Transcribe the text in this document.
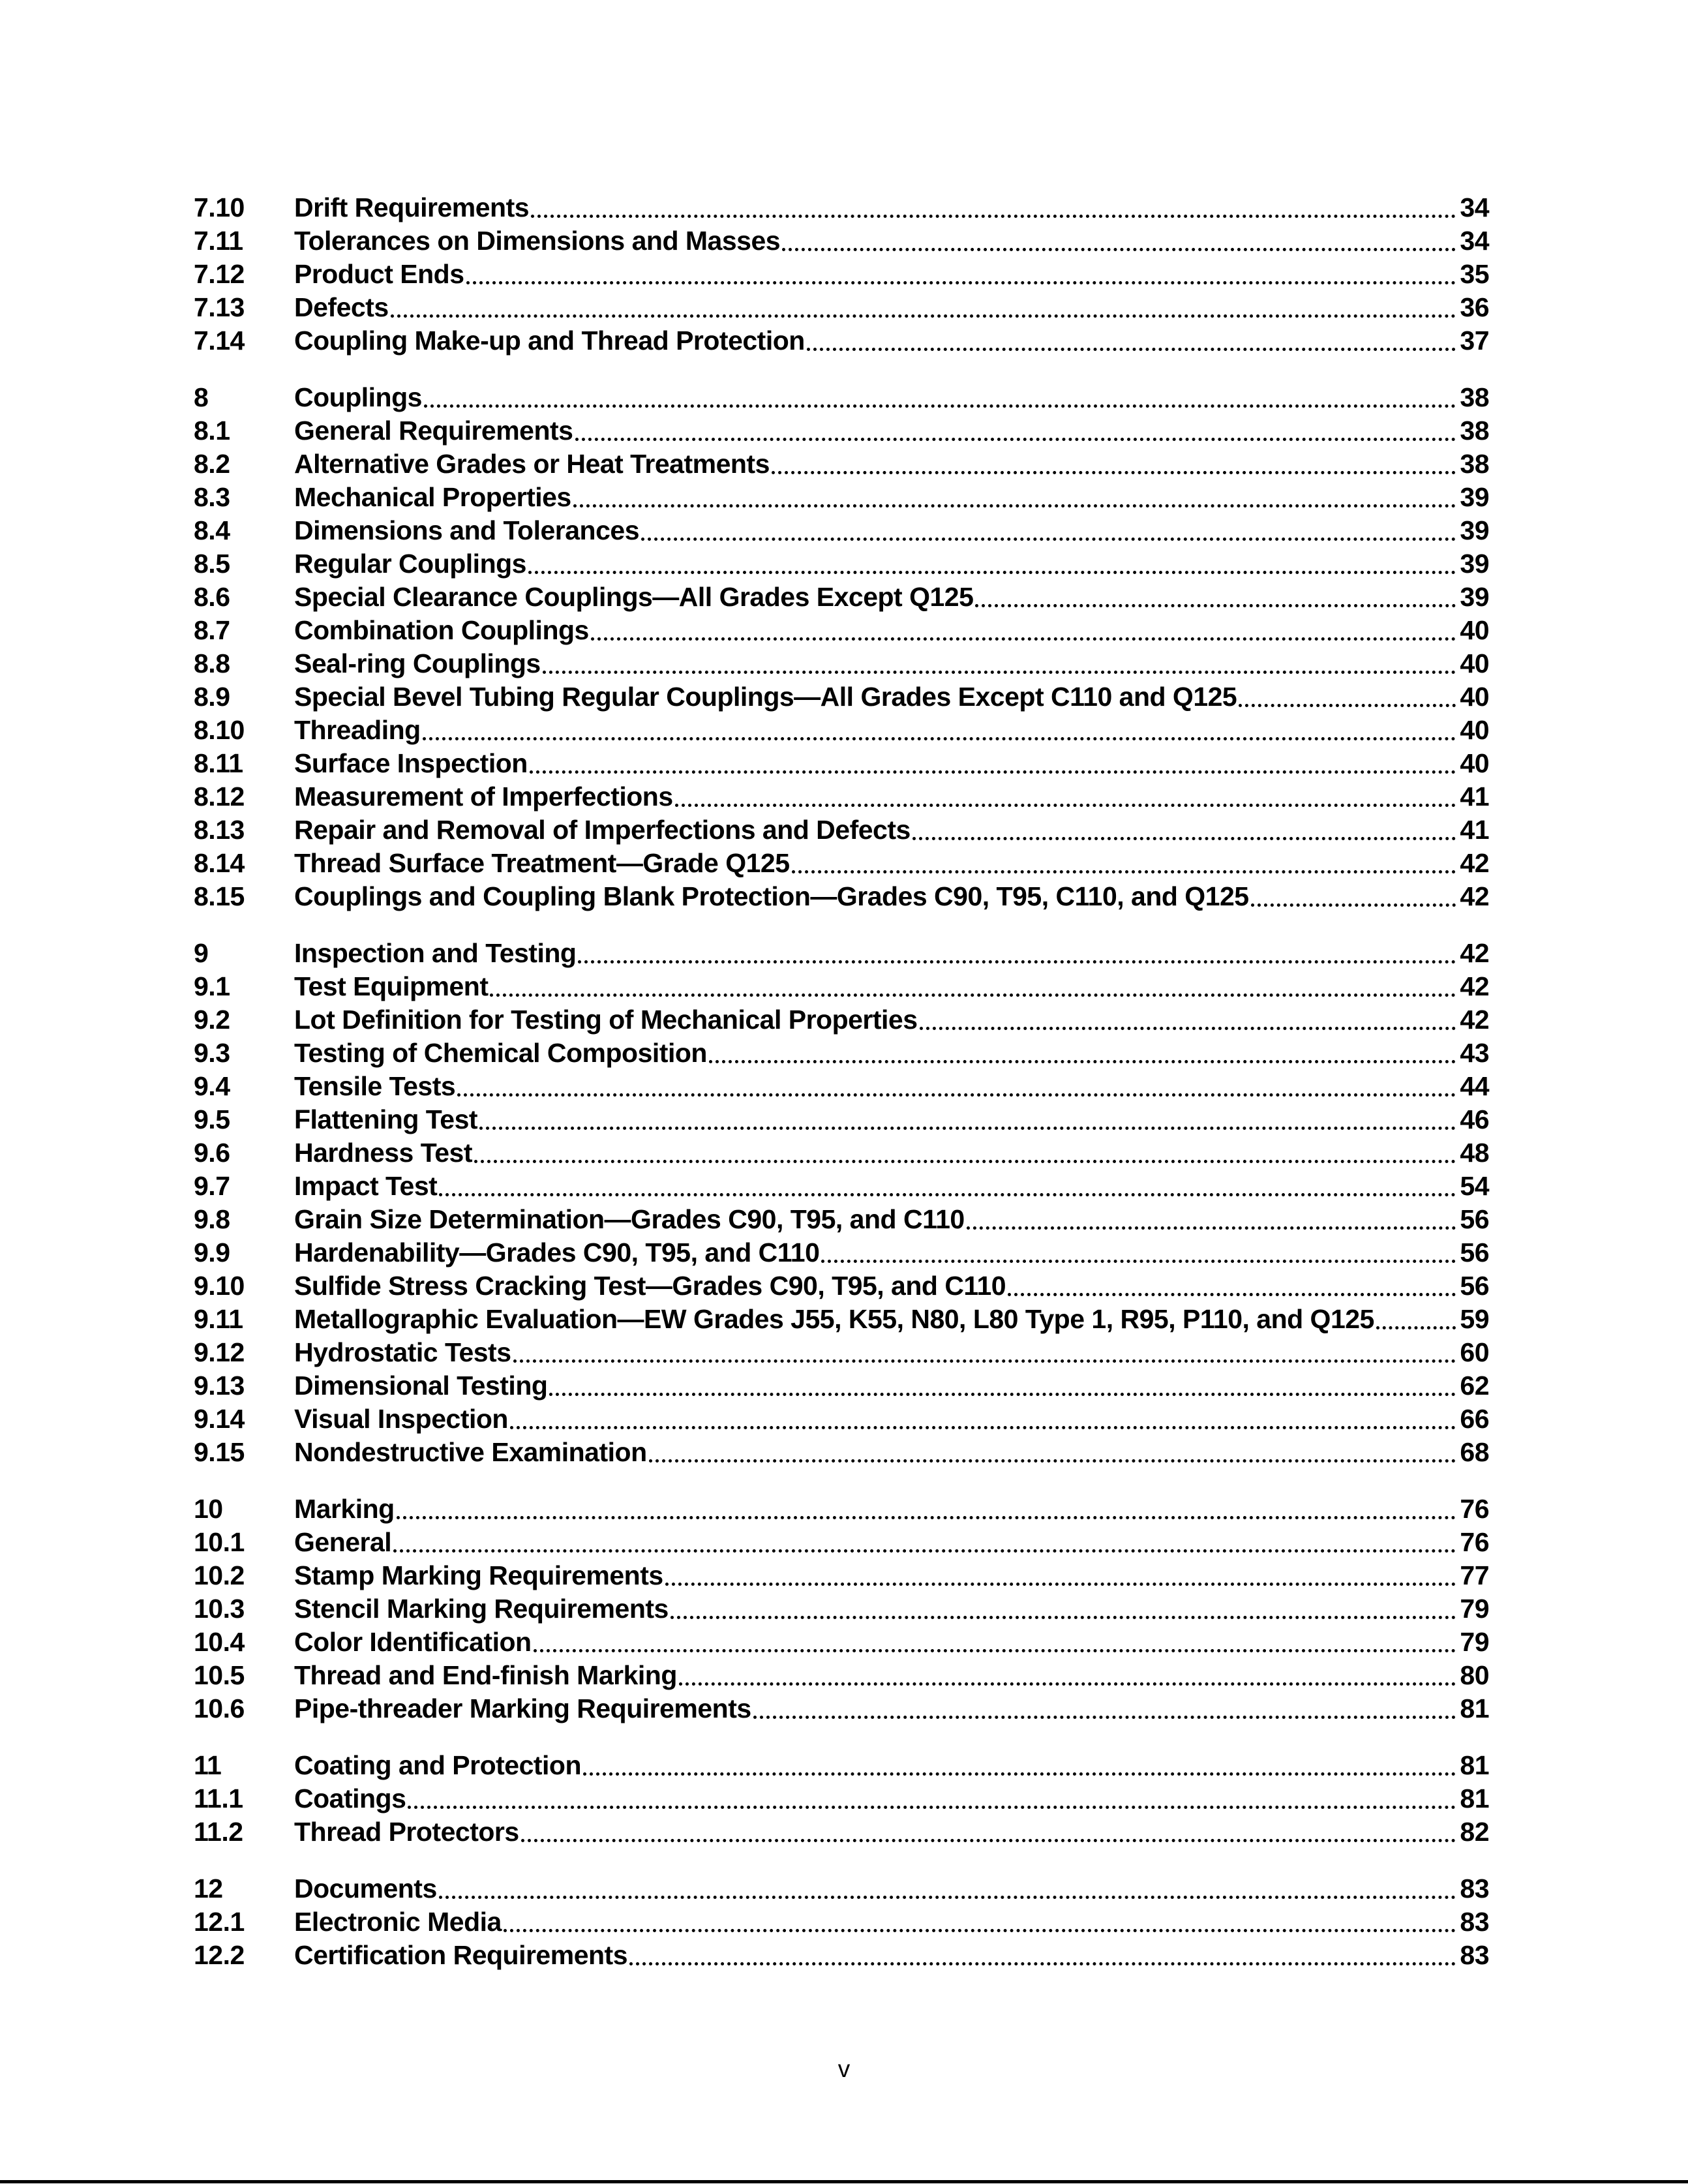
7.10	Drift Requirements	34
7.11	Tolerances on Dimensions and Masses	34
7.12	Product Ends	35
7.13	Defects	36
7.14	Coupling Make-up and Thread Protection	37
8	Couplings	38
8.1	General Requirements	38
8.2	Alternative Grades or Heat Treatments	38
8.3	Mechanical Properties	39
8.4	Dimensions and Tolerances	39
8.5	Regular Couplings	39
8.6	Special Clearance Couplings—All Grades Except Q125	39
8.7	Combination Couplings	40
8.8	Seal-ring Couplings	40
8.9	Special Bevel Tubing Regular Couplings—All Grades Except C110 and Q125	40
8.10	Threading	40
8.11	Surface Inspection	40
8.12	Measurement of Imperfections	41
8.13	Repair and Removal of Imperfections and Defects	41
8.14	Thread Surface Treatment—Grade Q125	42
8.15	Couplings and Coupling Blank Protection—Grades C90, T95, C110, and Q125	42
9	Inspection and Testing	42
9.1	Test Equipment	42
9.2	Lot Definition for Testing of Mechanical Properties	42
9.3	Testing of Chemical Composition	43
9.4	Tensile Tests	44
9.5	Flattening Test	46
9.6	Hardness Test	48
9.7	Impact Test	54
9.8	Grain Size Determination—Grades C90, T95, and C110	56
9.9	Hardenability—Grades C90, T95, and C110	56
9.10	Sulfide Stress Cracking Test—Grades C90, T95, and C110	56
9.11	Metallographic Evaluation—EW Grades J55, K55, N80, L80 Type 1, R95, P110, and Q125	59
9.12	Hydrostatic Tests	60
9.13	Dimensional Testing	62
9.14	Visual Inspection	66
9.15	Nondestructive Examination	68
10	Marking	76
10.1	General	76
10.2	Stamp Marking Requirements	77
10.3	Stencil Marking Requirements	79
10.4	Color Identification	79
10.5	Thread and End-finish Marking	80
10.6	Pipe-threader Marking Requirements	81
11	Coating and Protection	81
11.1	Coatings	81
11.2	Thread Protectors	82
12	Documents	83
12.1	Electronic Media	83
12.2	Certification Requirements	83
v
